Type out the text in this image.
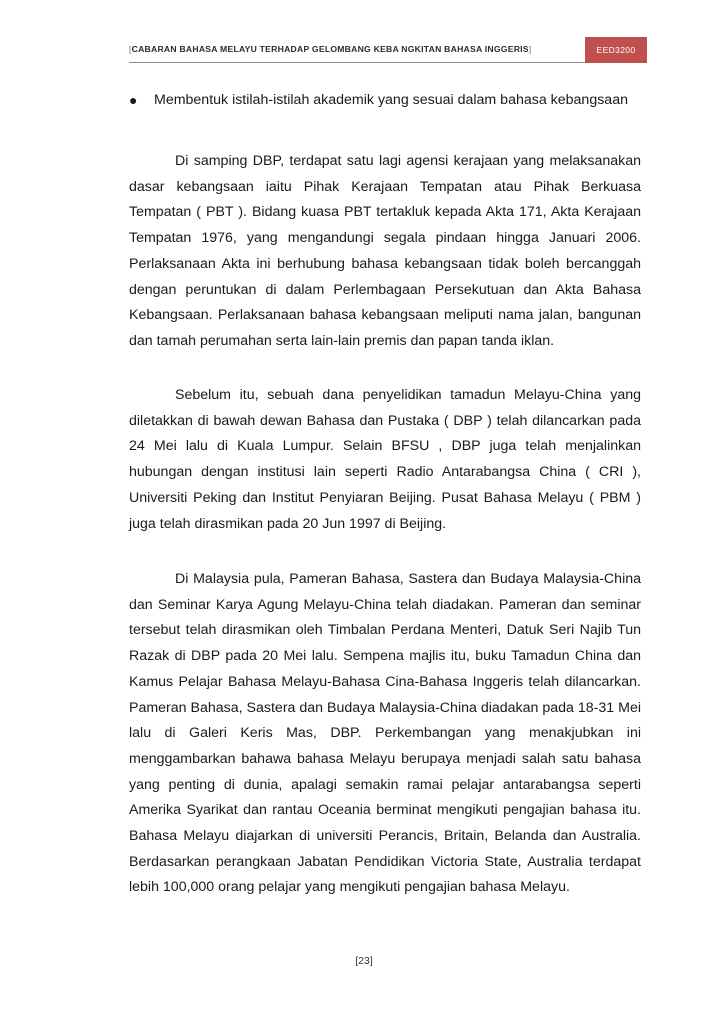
[CABARAN BAHASA MELAYU TERHADAP GELOMBANG KEBA NGKITAN BAHASA INGGERIS]	EED3200
● Membentuk istilah-istilah akademik yang sesuai dalam bahasa kebangsaan

Di samping DBP, terdapat satu lagi agensi kerajaan yang melaksanakan dasar kebangsaan iaitu Pihak Kerajaan Tempatan atau Pihak Berkuasa Tempatan ( PBT ). Bidang kuasa PBT tertakluk kepada Akta 171, Akta Kerajaan Tempatan 1976, yang mengandungi segala pindaan hingga Januari 2006. Perlaksanaan Akta ini berhubung bahasa kebangsaan tidak boleh bercanggah dengan peruntukan di dalam Perlembagaan Persekutuan dan Akta Bahasa Kebangsaan. Perlaksanaan bahasa kebangsaan meliputi nama jalan, bangunan dan tamah perumahan serta lain-lain premis dan papan tanda iklan.

Sebelum itu, sebuah dana penyelidikan tamadun Melayu-China yang diletakkan di bawah dewan Bahasa dan Pustaka ( DBP ) telah dilancarkan pada 24 Mei lalu di Kuala Lumpur. Selain BFSU , DBP juga telah menjalinkan hubungan dengan institusi lain seperti Radio Antarabangsa China ( CRI ), Universiti Peking dan Institut Penyiaran Beijing. Pusat Bahasa Melayu ( PBM ) juga telah dirasmikan pada 20 Jun 1997 di Beijing.

Di Malaysia pula, Pameran Bahasa, Sastera dan Budaya Malaysia-China dan Seminar Karya Agung Melayu-China telah diadakan. Pameran dan seminar tersebut telah dirasmikan oleh Timbalan Perdana Menteri, Datuk Seri Najib Tun Razak di DBP pada 20 Mei lalu. Sempena majlis itu, buku Tamadun China dan Kamus Pelajar Bahasa Melayu-Bahasa Cina-Bahasa Inggeris telah dilancarkan. Pameran Bahasa, Sastera dan Budaya Malaysia-China diadakan pada 18-31 Mei lalu di Galeri Keris Mas, DBP. Perkembangan yang menakjubkan ini menggambarkan bahawa bahasa Melayu berupaya menjadi salah satu bahasa yang penting di dunia, apalagi semakin ramai pelajar antarabangsa seperti Amerika Syarikat dan rantau Oceania berminat mengikuti pengajian bahasa itu. Bahasa Melayu diajarkan di universiti Perancis, Britain, Belanda dan Australia. Berdasarkan perangkaan Jabatan Pendidikan Victoria State, Australia terdapat lebih 100,000 orang pelajar yang mengikuti pengajian bahasa Melayu.

[23]
